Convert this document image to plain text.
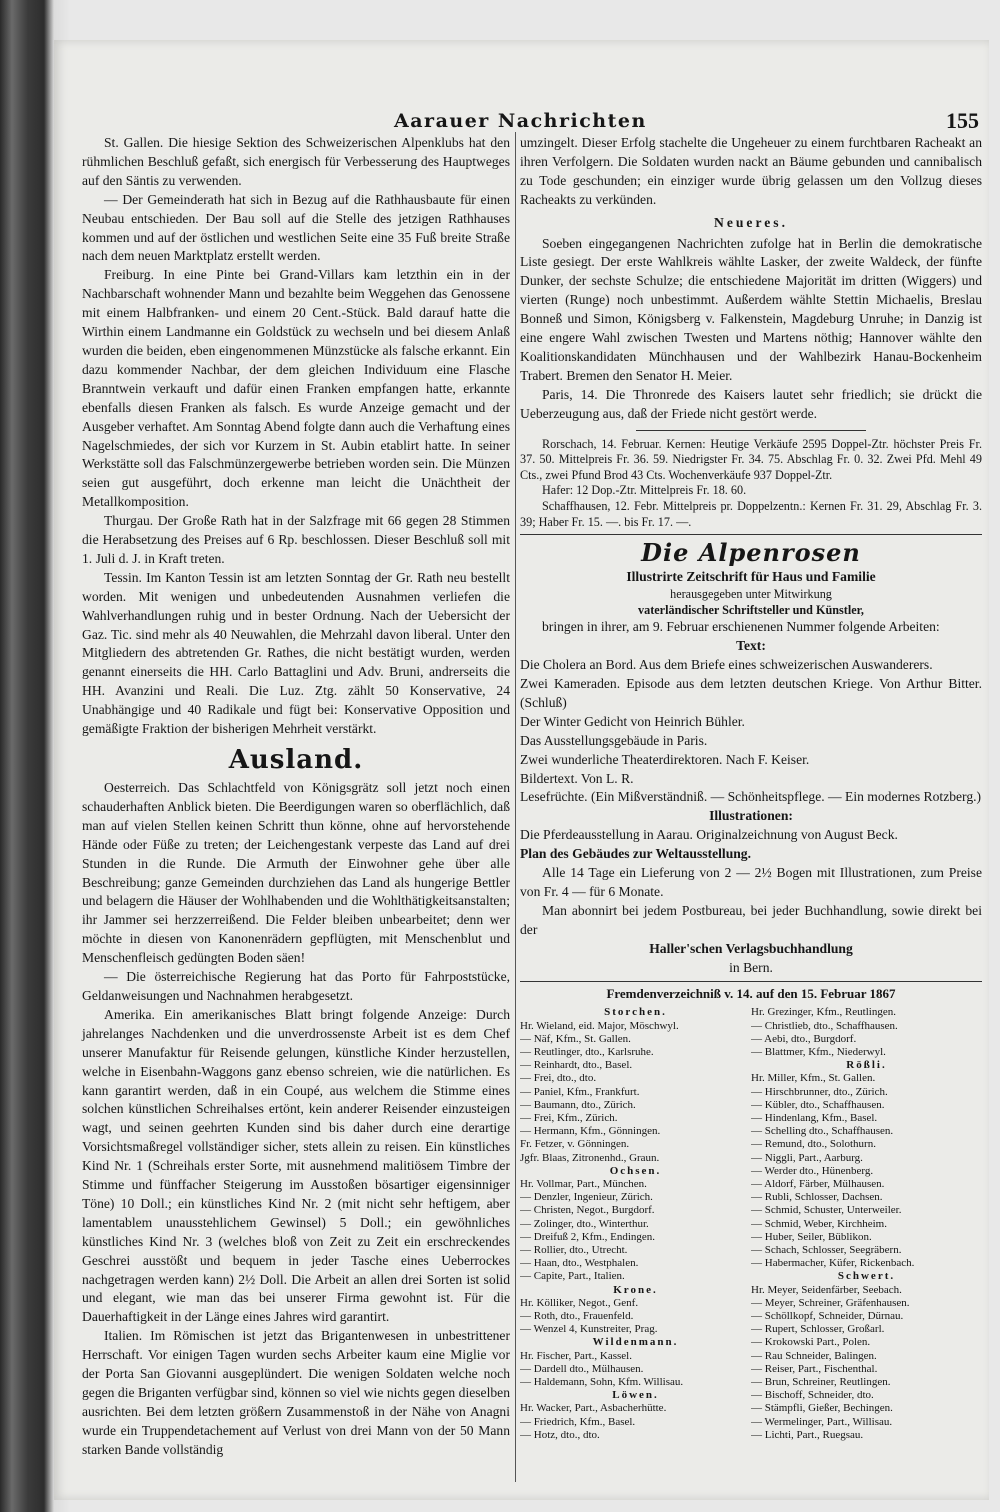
Aarauer Nachrichten	155

St. Gallen. Die hiesige Sektion des Schweizerischen Alpenklubs hat den rühmlichen Beschluß gefaßt, sich energisch für Verbesserung des Hauptweges auf den Säntis zu verwenden.

— Der Gemeinderath hat sich in Bezug auf die Rathhausbaute für einen Neubau entschieden. Der Bau soll auf die Stelle des jetzigen Rathhauses kommen und auf der östlichen und westlichen Seite eine 35 Fuß breite Straße nach dem neuen Marktplatz erstellt werden.

Freiburg. In eine Pinte bei Grand-Villars kam letzthin ein in der Nachbarschaft wohnender Mann und bezahlte beim Weggehen das Genossene mit einem Halbfranken- und einem 20 Cent.-Stück. Bald darauf hatte die Wirthin einem Landmanne ein Goldstück zu wechseln und bei diesem Anlaß wurden die beiden, eben eingenommenen Münzstücke als falsche erkannt. Ein dazu kommender Nachbar, der dem gleichen Individuum eine Flasche Branntwein verkauft und dafür einen Franken empfangen hatte, erkannte ebenfalls diesen Franken als falsch. Es wurde Anzeige gemacht und der Ausgeber verhaftet. Am Sonntag Abend folgte dann auch die Verhaftung eines Nagelschmiedes, der sich vor Kurzem in St. Aubin etablirt hatte. In seiner Werkstätte soll das Falschmünzergewerbe betrieben worden sein. Die Münzen seien gut ausgeführt, doch erkenne man leicht die Unächtheit der Metallkomposition.

Thurgau. Der Große Rath hat in der Salzfrage mit 66 gegen 28 Stimmen die Herabsetzung des Preises auf 6 Rp. beschlossen. Dieser Beschluß soll mit 1. Juli d. J. in Kraft treten.

Tessin. Im Kanton Tessin ist am letzten Sonntag der Gr. Rath neu bestellt worden. Mit wenigen und unbedeutenden Ausnahmen verliefen die Wahlverhandlungen ruhig und in bester Ordnung. Nach der Uebersicht der Gaz. Tic. sind mehr als 40 Neuwahlen, die Mehrzahl davon liberal. Unter den Mitgliedern des abtretenden Gr. Rathes, die nicht bestätigt wurden, werden genannt einerseits die HH. Carlo Battaglini und Adv. Bruni, andrerseits die HH. Avanzini und Reali. Die Luz. Ztg. zählt 50 Konservative, 24 Unabhängige und 40 Radikale und fügt bei: Konservative Opposition und gemäßigte Fraktion der bisherigen Mehrheit verstärkt.

Ausland.

Oesterreich. Das Schlachtfeld von Königsgrätz soll jetzt noch einen schauderhaften Anblick bieten. Die Beerdigungen waren so oberflächlich, daß man auf vielen Stellen keinen Schritt thun könne, ohne auf hervorstehende Hände oder Füße zu treten; der Leichengestank verpeste das Land auf drei Stunden in die Runde. Die Armuth der Einwohner gehe über alle Beschreibung; ganze Gemeinden durchziehen das Land als hungerige Bettler und belagern die Häuser der Wohlhabenden und die Wohlthätigkeitsanstalten; ihr Jammer sei herzzerreißend. Die Felder bleiben unbearbeitet; denn wer möchte in diesen von Kanonenrädern gepflügten, mit Menschenblut und Menschenfleisch gedüngten Boden säen!

— Die österreichische Regierung hat das Porto für Fahrpoststücke, Geldanweisungen und Nachnahmen herabgesetzt.

Amerika. Ein amerikanisches Blatt bringt folgende Anzeige: Durch jahrelanges Nachdenken und die unverdrossenste Arbeit ist es dem Chef unserer Manufaktur für Reisende gelungen, künstliche Kinder herzustellen, welche in Eisenbahn-Waggons ganz ebenso schreien, wie die natürlichen. Es kann garantirt werden, daß in ein Coupé, aus welchem die Stimme eines solchen künstlichen Schreihalses ertönt, kein anderer Reisender einzusteigen wagt, und seinen geehrten Kunden sind bis daher durch eine derartige Vorsichtsmaßregel vollständiger sicher, stets allein zu reisen. Ein künstliches Kind Nr. 1 (Schreihals erster Sorte, mit ausnehmend malitiösem Timbre der Stimme und fünffacher Steigerung im Ausstoßen bösartiger eigensinniger Töne) 10 Doll.; ein künstliches Kind Nr. 2 (mit nicht sehr heftigem, aber lamentablem unausstehlichem Gewinsel) 5 Doll.; ein gewöhnliches künstliches Kind Nr. 3 (welches bloß von Zeit zu Zeit ein erschreckendes Geschrei ausstößt und bequem in jeder Tasche eines Ueberrockes nachgetragen werden kann) 2½ Doll. Die Arbeit an allen drei Sorten ist solid und elegant, wie man das bei unserer Firma gewohnt ist. Für die Dauerhaftigkeit in der Länge eines Jahres wird garantirt.

Italien. Im Römischen ist jetzt das Brigantenwesen in unbestrittener Herrschaft. Vor einigen Tagen wurden sechs Arbeiter kaum eine Miglie vor der Porta San Giovanni ausgeplündert. Die wenigen Soldaten welche noch gegen die Briganten verfügbar sind, können so viel wie nichts gegen dieselben ausrichten. Bei dem letzten größern Zusammenstoß in der Nähe von Anagni wurde ein Truppendetachement auf Verlust von drei Mann von der 50 Mann starken Bande vollständig

umzingelt. Dieser Erfolg stachelte die Ungeheuer zu einem furchtbaren Racheakt an ihren Verfolgern. Die Soldaten wurden nackt an Bäume gebunden und cannibalisch zu Tode geschunden; ein einziger wurde übrig gelassen um den Vollzug dieses Racheakts zu verkünden.

Neueres.

Soeben eingegangenen Nachrichten zufolge hat in Berlin die demokratische Liste gesiegt. Der erste Wahlkreis wählte Lasker, der zweite Waldeck, der fünfte Dunker, der sechste Schulze; die entschiedene Majorität im dritten (Wiggers) und vierten (Runge) noch unbestimmt. Außerdem wählte Stettin Michaelis, Breslau Bonneß und Simon, Königsberg v. Falkenstein, Magdeburg Unruhe; in Danzig ist eine engere Wahl zwischen Twesten und Martens nöthig; Hannover wählte den Koalitionskandidaten Münchhausen und der Wahlbezirk Hanau-Bockenheim Trabert. Bremen den Senator H. Meier.

Paris, 14. Die Thronrede des Kaisers lautet sehr friedlich; sie drückt die Ueberzeugung aus, daß der Friede nicht gestört werde.

Rorschach, 14. Februar. Kernen: Heutige Verkäufe 2595 Doppel-Ztr. höchster Preis Fr. 37. 50. Mittelpreis Fr. 36. 59. Niedrigster Fr. 34. 75. Abschlag Fr. 0. 32. Zwei Pfd. Mehl 49 Cts., zwei Pfund Brod 43 Cts. Wochenverkäufe 937 Doppel-Ztr.

Hafer: 12 Dop.-Ztr. Mittelpreis Fr. 18. 60.

Schaffhausen, 12. Febr. Mittelpreis pr. Doppelzentn.: Kernen Fr. 31. 29, Abschlag Fr. 3. 39; Haber Fr. 15. —. bis Fr. 17. —.

Die Alpenrosen
Illustrirte Zeitschrift für Haus und Familie
herausgegeben unter Mitwirkung
vaterländischer Schriftsteller und Künstler,

bringen in ihrer, am 9. Februar erschienenen Nummer folgende Arbeiten:

Text:
Die Cholera an Bord. Aus dem Briefe eines schweizerischen Auswanderers.
Zwei Kameraden. Episode aus dem letzten deutschen Kriege. Von Arthur Bitter. (Schluß)
Der Winter Gedicht von Heinrich Bühler.
Das Ausstellungsgebäude in Paris.
Zwei wunderliche Theaterdirektoren. Nach F. Keiser.
Bildertext. Von L. R.
Lesefrüchte. (Ein Mißverständniß. — Schönheitspflege. — Ein modernes Rotzberg.)
Illustrationen:
Die Pferdeausstellung in Aarau. Originalzeichnung von August Beck.
Plan des Gebäudes zur Weltausstellung.

Alle 14 Tage ein Lieferung von 2 — 2½ Bogen mit Illustrationen, zum Preise von Fr. 4 — für 6 Monate.

Man abonnirt bei jedem Postbureau, bei jeder Buchhandlung, sowie direkt bei der

Haller'schen Verlagsbuchhandlung
in Bern.
Fremdenverzeichniß v. 14. auf den 15. Februar 1867
Storchen.
Hr. Wieland, eid. Major, Möschwyl.
— Näf, Kfm., St. Gallen.
— Reutlinger, dto., Karlsruhe.
— Reinhardt, dto., Basel.
— Frei, dto., dto.
— Paniel, Kfm., Frankfurt.
— Baumann, dto., Zürich.
— Frei, Kfm., Zürich.
— Hermann, Kfm., Gönningen.
Fr. Fetzer, v. Gönningen.
Jgfr. Blaas, Zitronenhd., Graun.
Ochsen.
Hr. Vollmar, Part., München.
— Denzler, Ingenieur, Zürich.
— Christen, Negot., Burgdorf.
— Zolinger, dto., Winterthur.
— Dreifuß 2, Kfm., Endingen.
— Rollier, dto., Utrecht.
— Haan, dto., Westphalen.
— Capite, Part., Italien.
Krone.
Hr. Kölliker, Negot., Genf.
— Roth, dto., Frauenfeld.
— Wenzel 4, Kunstreiter, Prag.
Wildenmann.
Hr. Fischer, Part., Kassel.
— Dardell dto., Mülhausen.
— Haldemann, Sohn, Kfm. Willisau.
Löwen.
Hr. Wacker, Part., Asbacherhütte.
— Friedrich, Kfm., Basel.
— Hotz, dto., dto.
Hr. Grezinger, Kfm., Reutlingen.
— Christlieb, dto., Schaffhausen.
— Aebi, dto., Burgdorf.
— Blattmer, Kfm., Niederwyl.
Rößli.
Hr. Miller, Kfm., St. Gallen.
— Hirschbrunner, dto., Zürich.
— Kübler, dto., Schaffhausen.
— Hindenlang, Kfm., Basel.
— Schelling dto., Schaffhausen.
— Remund, dto., Solothurn.
— Niggli, Part., Aarburg.
— Werder dto., Hünenberg.
— Aldorf, Färber, Mülhausen.
— Rubli, Schlosser, Dachsen.
— Schmid, Schuster, Unterweiler.
— Schmid, Weber, Kirchheim.
— Huber, Seiler, Büblikon.
— Schach, Schlosser, Seegräbern.
— Habermacher, Küfer, Rickenbach.
Schwert.
Hr. Meyer, Seidenfärber, Seebach.
— Meyer, Schreiner, Gräfenhausen.
— Schöllkopf, Schneider, Dürnau.
— Rupert, Schlosser, Großarl.
— Krokowski Part., Polen.
— Rau Schneider, Balingen.
— Reiser, Part., Fischenthal.
— Brun, Schreiner, Reutlingen.
— Bischoff, Schneider, dto.
— Stämpfli, Gießer, Bechingen.
— Wermelinger, Part., Willisau.
— Lichti, Part., Ruegsau.
